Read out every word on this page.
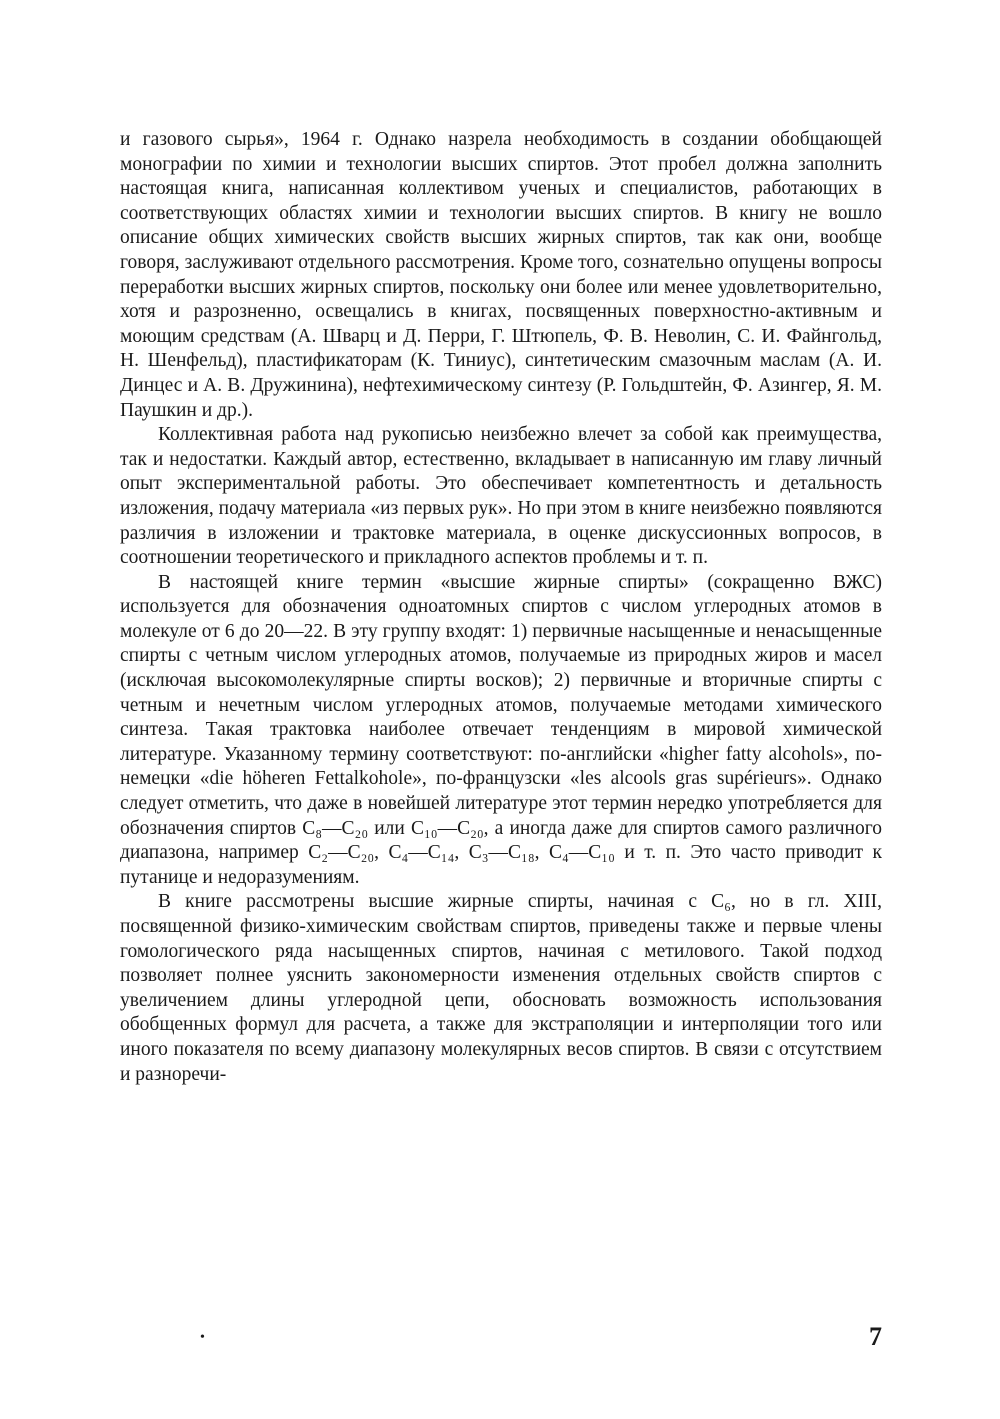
и газового сырья», 1964 г. Однако назрела необходимость в создании обобщающей монографии по химии и технологии высших спиртов. Этот пробел должна заполнить настоящая книга, написанная коллективом ученых и специалистов, работающих в соответствующих областях химии и технологии высших спиртов. В книгу не вошло описание общих химических свойств высших жирных спиртов, так как они, вообще говоря, заслуживают отдельного рассмотрения. Кроме того, сознательно опущены вопросы переработки высших жирных спиртов, поскольку они более или менее удовлетворительно, хотя и разрозненно, освещались в книгах, посвященных поверхностно-активным и моющим средствам (А. Шварц и Д. Перри, Г. Штюпель, Ф. В. Неволин, С. И. Файнгольд, Н. Шенфельд), пластификаторам (К. Тиниус), синтетическим смазочным маслам (А. И. Динцес и А. В. Дружинина), нефтехимическому синтезу (Р. Гольдштейн, Ф. Азингер, Я. М. Паушкин и др.).

Коллективная работа над рукописью неизбежно влечет за собой как преимущества, так и недостатки. Каждый автор, естественно, вкладывает в написанную им главу личный опыт экспериментальной работы. Это обеспечивает компетентность и детальность изложения, подачу материала «из первых рук». Но при этом в книге неизбежно появляются различия в изложении и трактовке материала, в оценке дискуссионных вопросов, в соотношении теоретического и прикладного аспектов проблемы и т. п.

В настоящей книге термин «высшие жирные спирты» (сокращенно ВЖС) используется для обозначения одноатомных спиртов с числом углеродных атомов в молекуле от 6 до 20—22. В эту группу входят: 1) первичные насыщенные и ненасыщенные спирты с четным числом углеродных атомов, получаемые из природных жиров и масел (исключая высокомолекулярные спирты восков); 2) первичные и вторичные спирты с четным и нечетным числом углеродных атомов, получаемые методами химического синтеза. Такая трактовка наиболее отвечает тенденциям в мировой химической литературе. Указанному термину соответствуют: по-английски «higher fatty alcohols», по-немецки «die höheren Fettalkohole», по-французски «les alcools gras supérieurs». Однако следует отметить, что даже в новейшей литературе этот термин нередко употребляется для обозначения спиртов С₈—С₂₀ или С₁₀—С₂₀, а иногда даже для спиртов самого различного диапазона, например С₂—С₂₀, С₄—С₁₄, С₃—С₁₈, С₄—С₁₀ и т. п. Это часто приводит к путанице и недоразумениям.

В книге рассмотрены высшие жирные спирты, начиная с С₆, но в гл. XIII, посвященной физико-химическим свойствам спиртов, приведены также и первые члены гомологического ряда насыщенных спиртов, начиная с метилового. Такой подход позволяет полнее уяснить закономерности изменения отдельных свойств спиртов с увеличением длины углеродной цепи, обосновать возможность использования обобщенных формул для расчета, а также для экстраполяции и интерполяции того или иного показателя по всему диапазону молекулярных весов спиртов. В связи с отсутствием и разноречи-

•	7
